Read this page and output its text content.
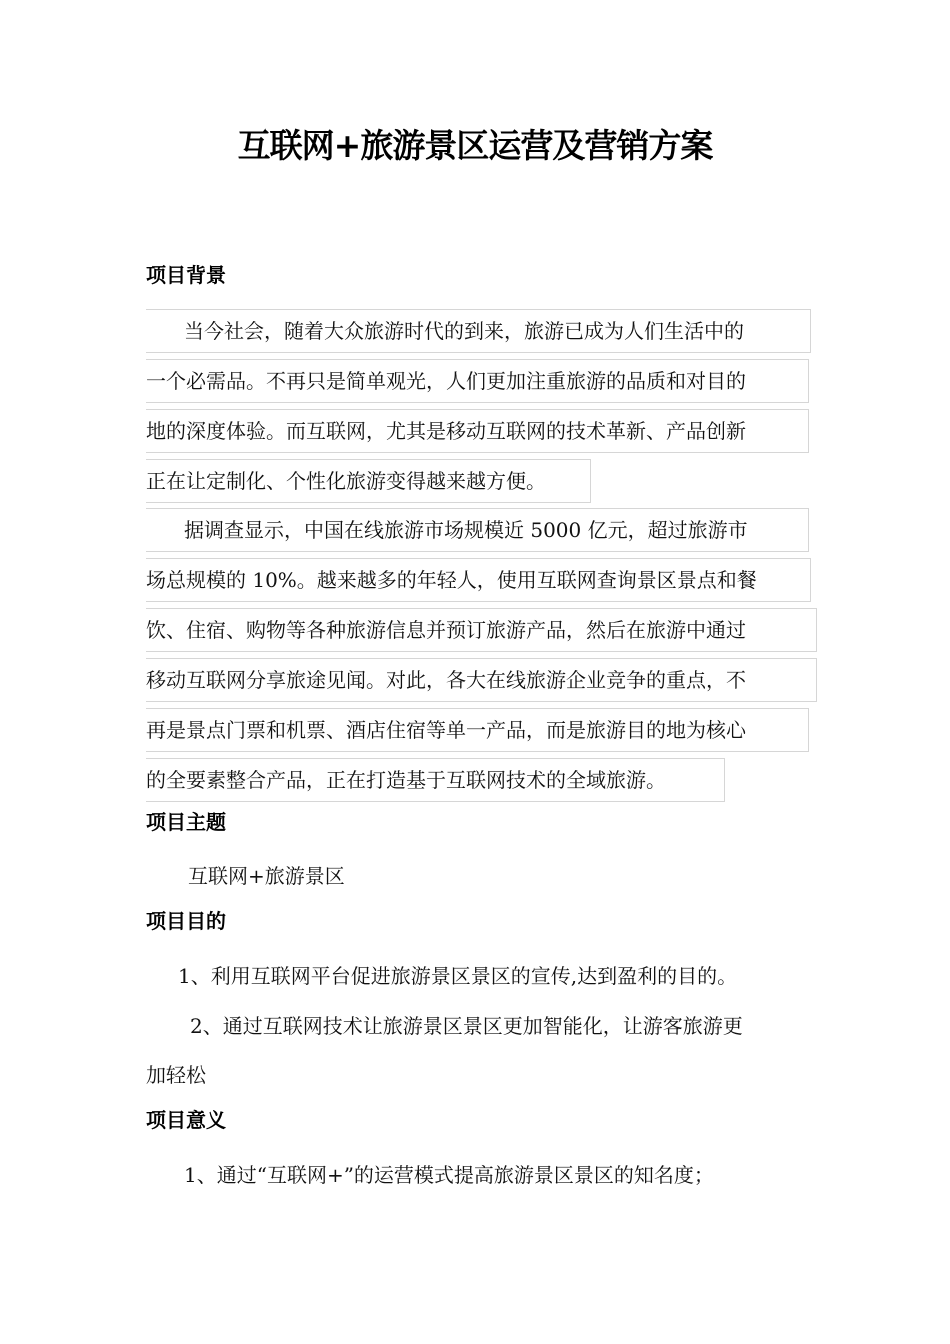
互联网+旅游景区运营及营销方案
项目背景
当今社会，随着大众旅游时代的到来，旅游已成为人们生活中的
一个必需品。不再只是简单观光，人们更加注重旅游的品质和对目的
地的深度体验。而互联网，尤其是移动互联网的技术革新、产品创新
正在让定制化、个性化旅游变得越来越方便。
据调查显示，中国在线旅游市场规模近 5000 亿元，超过旅游市
场总规模的 10%。越来越多的年轻人，使用互联网查询景区景点和餐
饮、住宿、购物等各种旅游信息并预订旅游产品，然后在旅游中通过
移动互联网分享旅途见闻。对此，各大在线旅游企业竞争的重点，不
再是景点门票和机票、酒店住宿等单一产品，而是旅游目的地为核心
的全要素整合产品，正在打造基于互联网技术的全域旅游。
项目主题
互联网+旅游景区
项目目的
1、利用互联网平台促进旅游景区景区的宣传,达到盈利的目的。
2、通过互联网技术让旅游景区景区更加智能化，让游客旅游更
加轻松
项目意义
1、通过“互联网+”的运营模式提高旅游景区景区的知名度；
